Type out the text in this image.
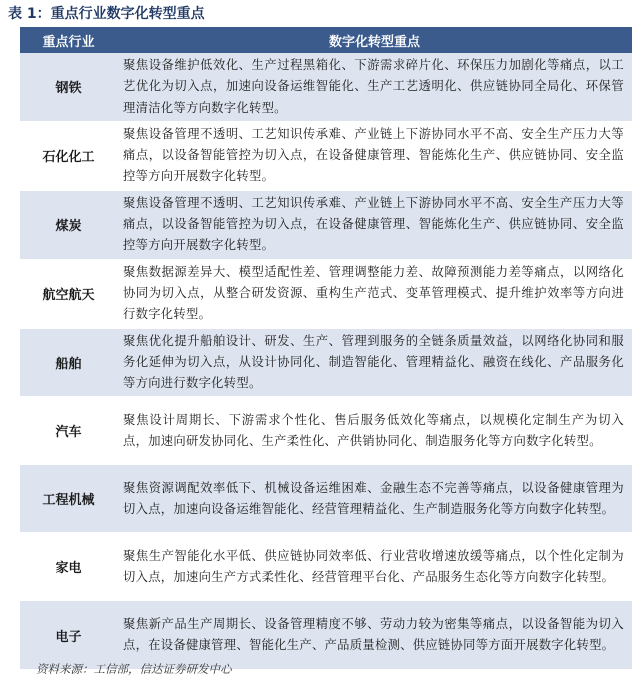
表 1：重点行业数字化转型重点
重点行业	数字化转型重点
钢铁	聚焦设备维护低效化、生产过程黑箱化、下游需求碎片化、环保压力加剧化等痛点，以工艺优化为切入点，加速向设备运维智能化、生产工艺透明化、供应链协同全局化、环保管理清洁化等方向数字化转型。
石化化工	聚焦设备管理不透明、工艺知识传承难、产业链上下游协同水平不高、安全生产压力大等痛点，以设备智能管控为切入点，在设备健康管理、智能炼化生产、供应链协同、安全监控等方向开展数字化转型。
煤炭	聚焦设备管理不透明、工艺知识传承难、产业链上下游协同水平不高、安全生产压力大等痛点，以设备智能管控为切入点，在设备健康管理、智能炼化生产、供应链协同、安全监控等方向开展数字化转型。
航空航天	聚焦数据源差异大、模型适配性差、管理调整能力差、故障预测能力差等痛点，以网络化协同为切入点，从整合研发资源、重构生产范式、变革管理模式、提升维护效率等方向进行数字化转型。
船舶	聚焦优化提升船舶设计、研发、生产、管理到服务的全链条质量效益，以网络化协同和服务化延伸为切入点，从设计协同化、制造智能化、管理精益化、融资在线化、产品服务化等方向进行数字化转型。
汽车	聚焦设计周期长、下游需求个性化、售后服务低效化等痛点，以规模化定制生产为切入点，加速向研发协同化、生产柔性化、产供销协同化、制造服务化等方向数字化转型。
工程机械	聚焦资源调配效率低下、机械设备运维困难、金融生态不完善等痛点，以设备健康管理为切入点，加速向设备运维智能化、经营管理精益化、生产制造服务化等方向数字化转型。
家电	聚焦生产智能化水平低、供应链协同效率低、行业营收增速放缓等痛点，以个性化定制为切入点，加速向生产方式柔性化、经营管理平台化、产品服务生态化等方向数字化转型。
电子	聚焦新产品生产周期长、设备管理精度不够、劳动力较为密集等痛点，以设备智能为切入点，在设备健康管理、智能化生产、产品质量检测、供应链协同等方面开展数字化转型。
资料来源：工信部，信达证券研发中心
